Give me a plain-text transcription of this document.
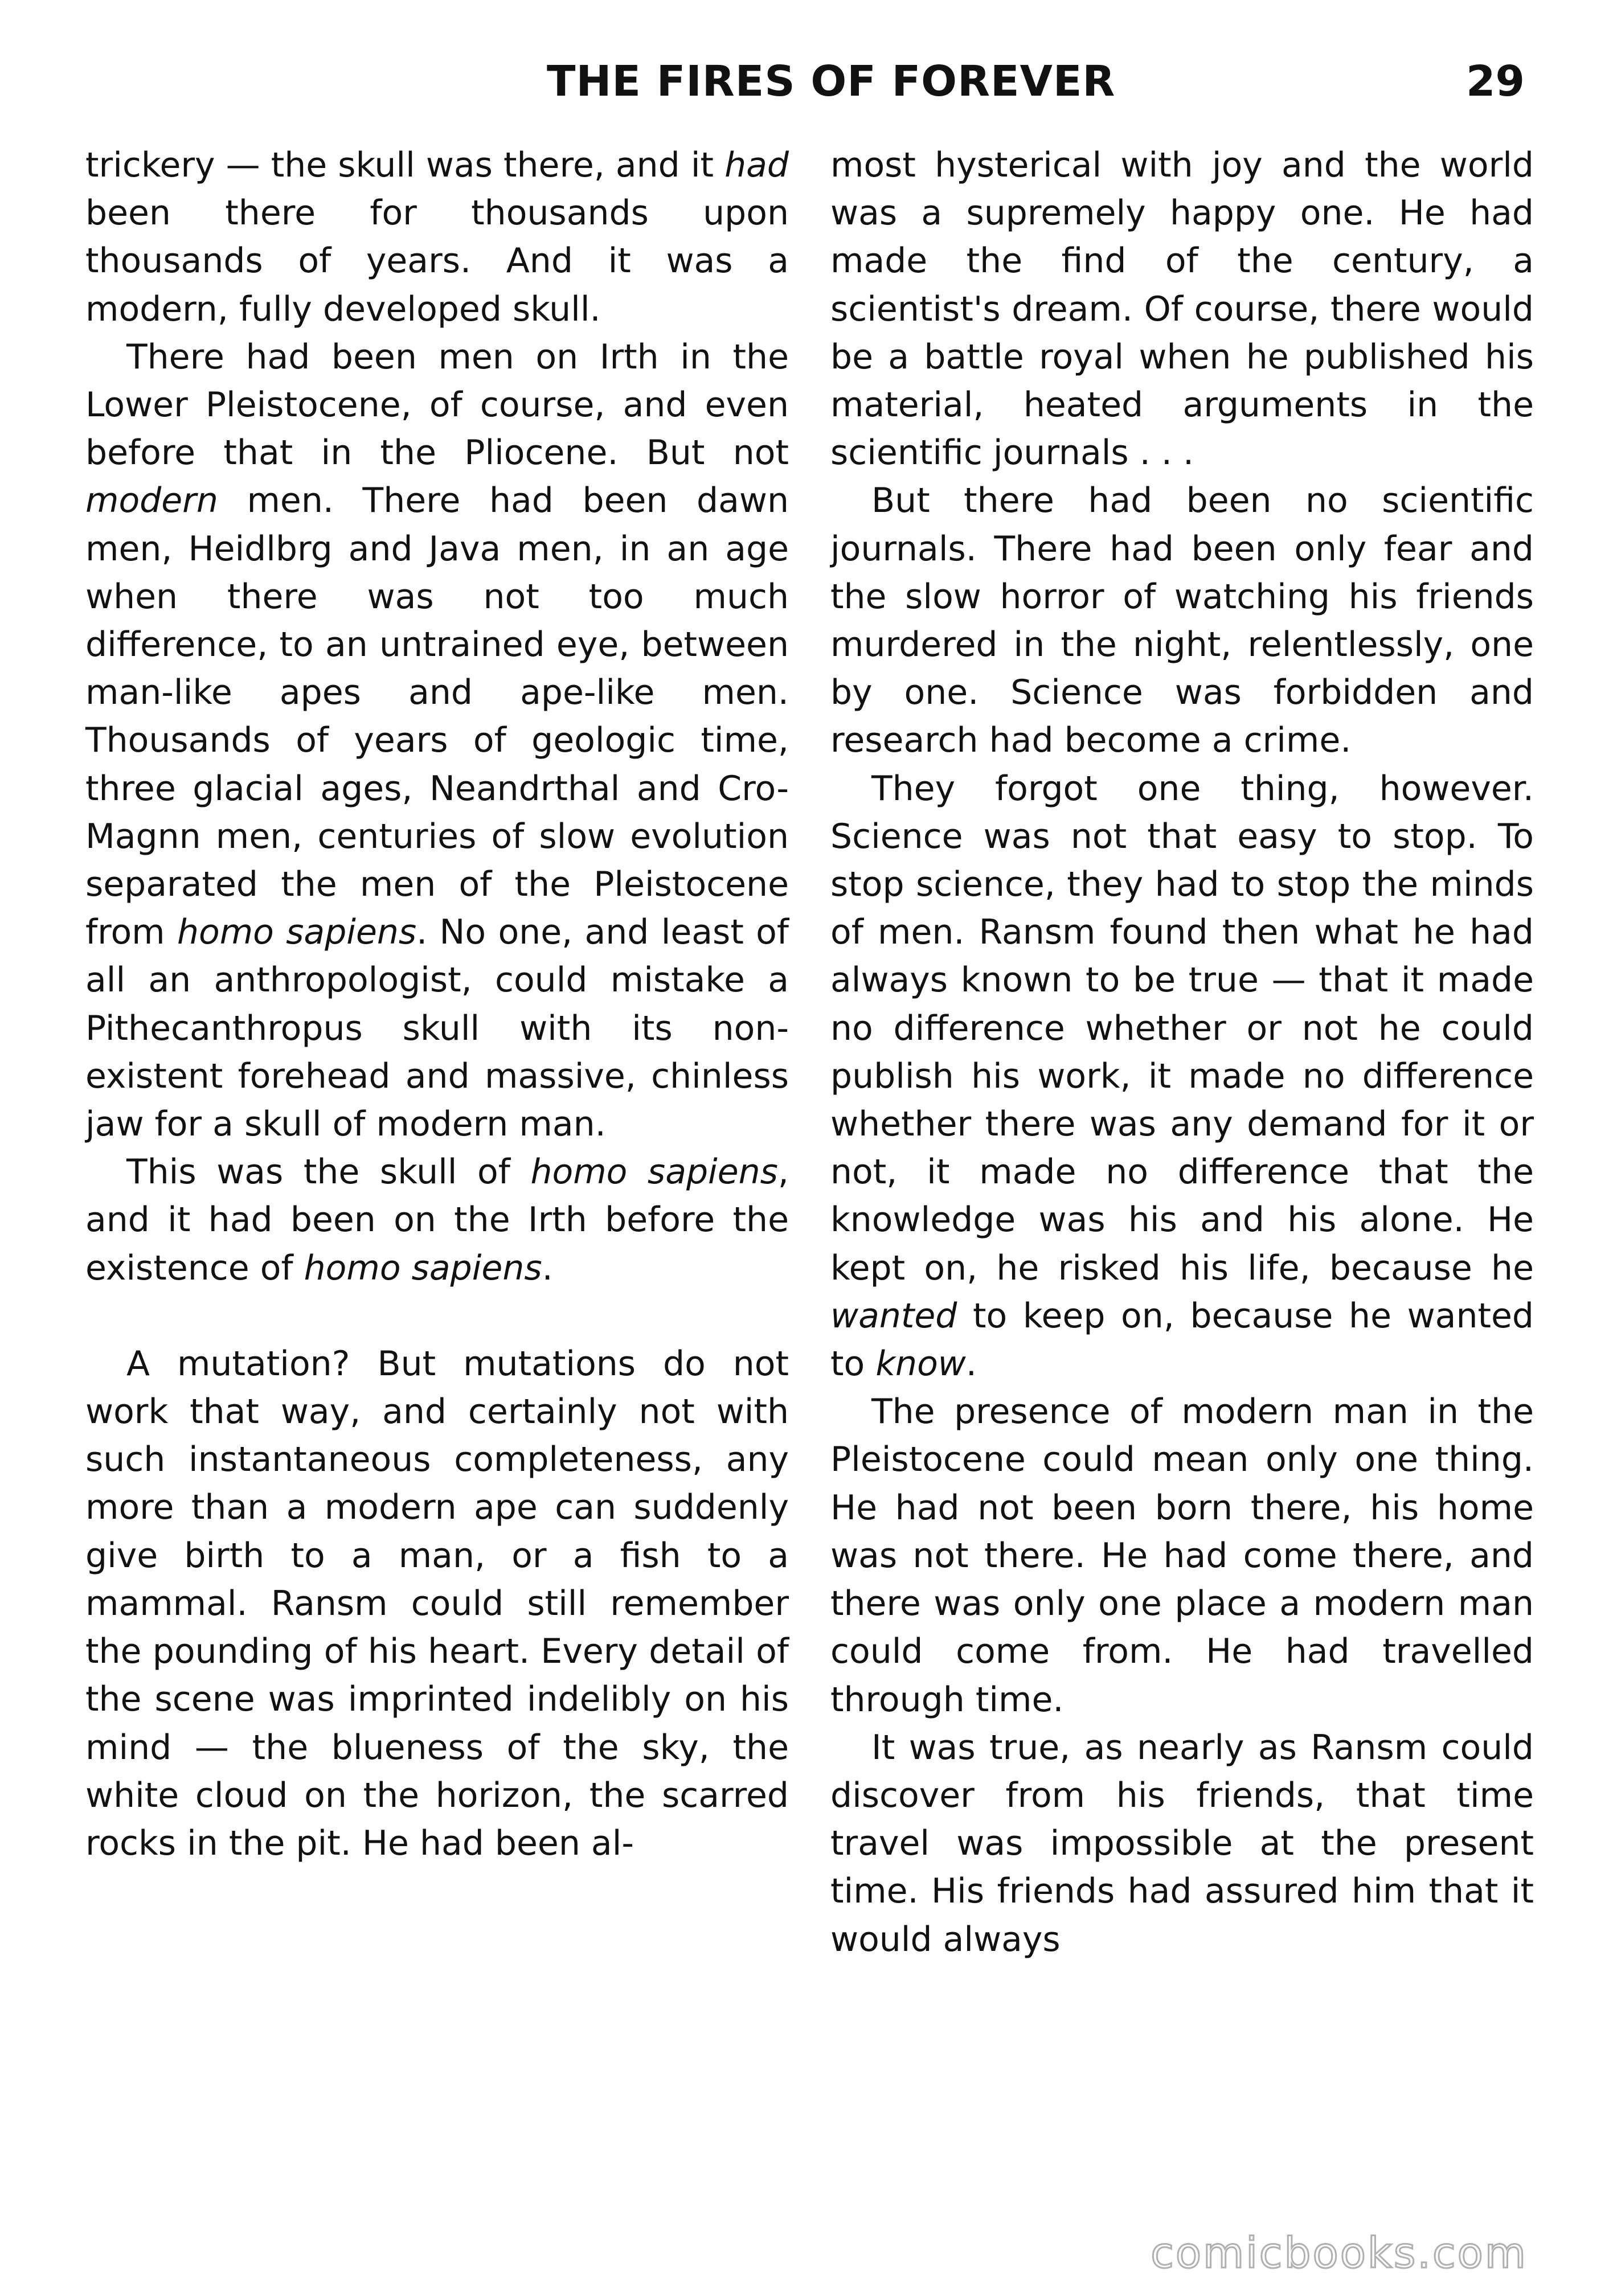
THE FIRES OF FOREVER	29

trickery — the skull was there, and it had been there for thousands upon thousands of years. And it was a modern, fully developed skull.

There had been men on Irth in the Lower Pleistocene, of course, and even before that in the Pliocene. But not modern men. There had been dawn men, Heidlbrg and Java men, in an age when there was not too much difference, to an untrained eye, between man-like apes and ape-like men. Thousands of years of geologic time, three glacial ages, Neandrthal and Cro-Magnn men, centuries of slow evolution separated the men of the Pleistocene from homo sapiens. No one, and least of all an anthropologist, could mistake a Pithecanthropus skull with its non-existent forehead and massive, chinless jaw for a skull of modern man.

This was the skull of homo sapiens, and it had been on the Irth before the existence of homo sapiens.

A mutation? But mutations do not work that way, and certainly not with such instantaneous completeness, any more than a modern ape can suddenly give birth to a man, or a fish to a mammal. Ransm could still remember the pounding of his heart. Every detail of the scene was imprinted indelibly on his mind — the blueness of the sky, the white cloud on the horizon, the scarred rocks in the pit. He had been al-

most hysterical with joy and the world was a supremely happy one. He had made the find of the century, a scientist's dream. Of course, there would be a battle royal when he published his material, heated arguments in the scientific journals . . .

But there had been no scientific journals. There had been only fear and the slow horror of watching his friends murdered in the night, relentlessly, one by one. Science was forbidden and research had become a crime.

They forgot one thing, however. Science was not that easy to stop. To stop science, they had to stop the minds of men. Ransm found then what he had always known to be true — that it made no difference whether or not he could publish his work, it made no difference whether there was any demand for it or not, it made no difference that the knowledge was his and his alone. He kept on, he risked his life, because he wanted to keep on, because he wanted to know.

The presence of modern man in the Pleistocene could mean only one thing. He had not been born there, his home was not there. He had come there, and there was only one place a modern man could come from. He had travelled through time.

It was true, as nearly as Ransm could discover from his friends, that time travel was impossible at the present time. His friends had assured him that it would always

comicbooks.com
